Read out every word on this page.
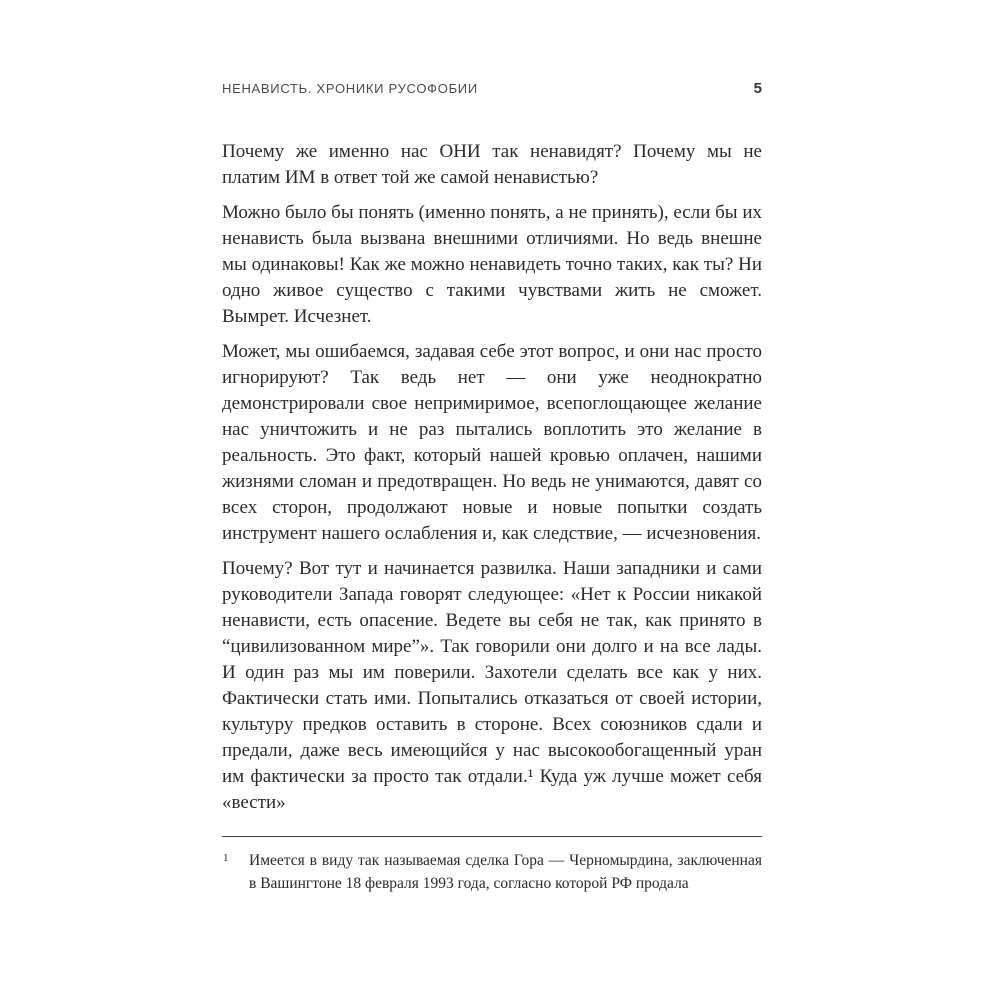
НЕНАВИСТЬ. ХРОНИКИ РУСОФОБИИ	5

Почему же именно нас ОНИ так ненавидят? Почему мы не платим ИМ в ответ той же самой ненавистью?

Можно было бы понять (именно понять, а не принять), если бы их ненависть была вызвана внешними отличиями. Но ведь внешне мы одинаковы! Как же можно ненавидеть точно таких, как ты? Ни одно живое существо с такими чувствами жить не сможет. Вымрет. Исчезнет.

Может, мы ошибаемся, задавая себе этот вопрос, и они нас просто игнорируют? Так ведь нет — они уже неоднократно демонстрировали свое непримиримое, всепоглощающее желание нас уничтожить и не раз пытались воплотить это желание в реальность. Это факт, который нашей кровью оплачен, нашими жизнями сломан и предотвращен. Но ведь не унимаются, давят со всех сторон, продолжают новые и новые попытки создать инструмент нашего ослабления и, как следствие, — исчезновения.

Почему? Вот тут и начинается развилка. Наши западники и сами руководители Запада говорят следующее: «Нет к России никакой ненависти, есть опасение. Ведете вы себя не так, как принято в “цивилизованном мире”». Так говорили они долго и на все лады. И один раз мы им поверили. Захотели сделать все как у них. Фактически стать ими. Попытались отказаться от своей истории, культуру предков оставить в стороне. Всех союзников сдали и предали, даже весь имеющийся у нас высокообогащенный уран им фактически за просто так отдали.¹ Куда уж лучше может себя «вести»

1 Имеется в виду так называемая сделка Гора — Черномырдина, заключенная в Вашингтоне 18 февраля 1993 года, согласно которой РФ продала
